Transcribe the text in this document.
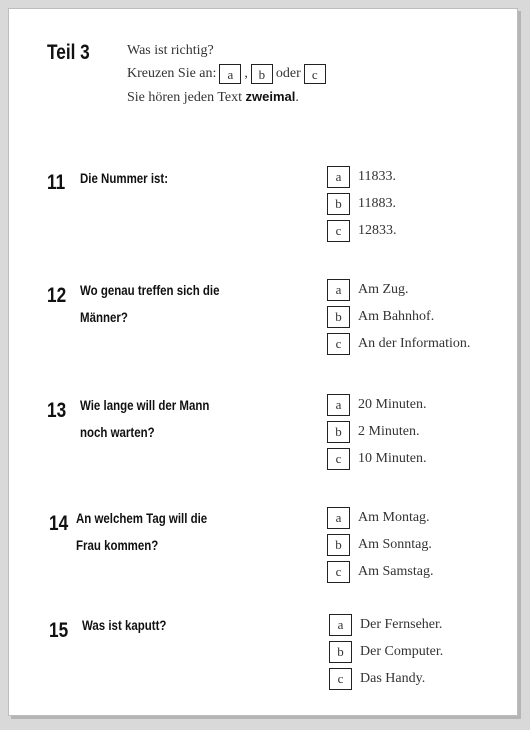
Teil 3	Was ist richtig?
Kreuzen Sie an: a , b oder c
Sie hören jeden Text zweimal.
11 Die Nummer ist:	a	11833.
b	11883.
c	12833.
12 Wo genau treffen sich die
Männer?
a	Am Zug.
b	Am Bahnhof.
c	An der Information.
13 Wie lange will der Mann
noch warten?
a	20 Minuten.
b	2 Minuten.
c	10 Minuten.
14 An welchem Tag will die
Frau kommen?
a	Am Montag.
b	Am Sonntag.
c	Am Samstag.
15 Was ist kaputt?	a	Der Fernseher.
b	Der Computer.
c	Das Handy.
